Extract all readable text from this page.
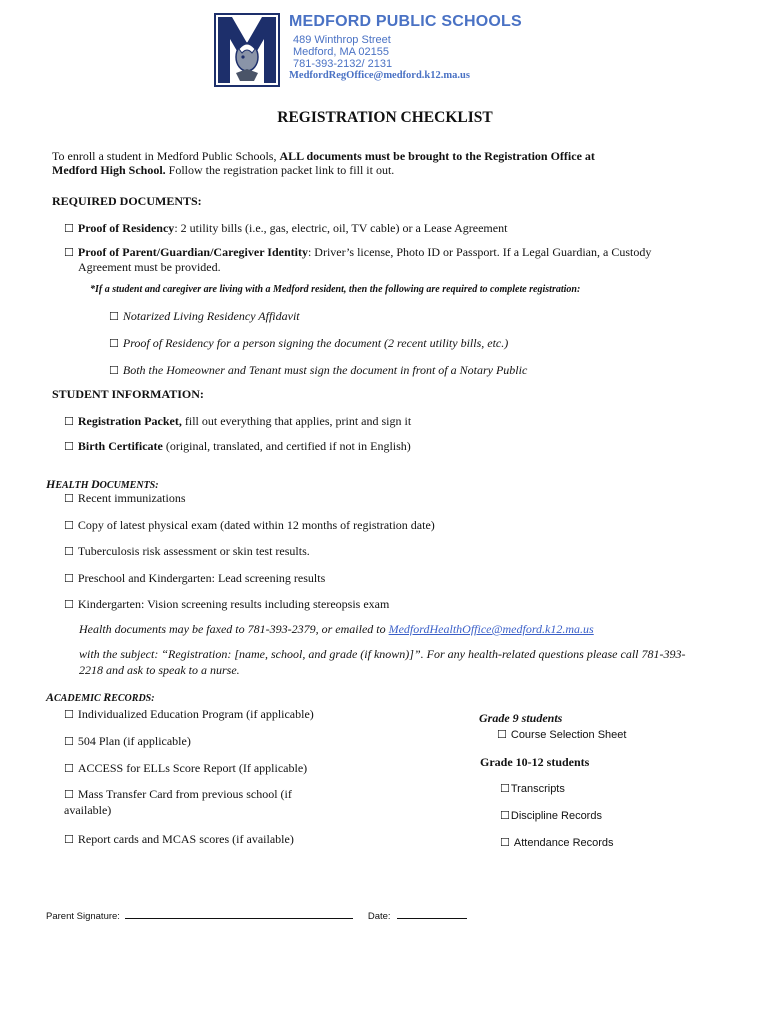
MEDFORD PUBLIC SCHOOLS
489 Winthrop Street
Medford, MA 02155
781-393-2132/ 2131
MedfordRegOffice@medford.k12.ma.us
REGISTRATION CHECKLIST
To enroll a student in Medford Public Schools, ALL documents must be brought to the Registration Office at
Medford High School. Follow the registration packet link to fill it out.
REQUIRED DOCUMENTS:
☐ Proof of Residency: 2 utility bills (i.e., gas, electric, oil, TV cable) or a Lease Agreement
☐ Proof of Parent/Guardian/Caregiver Identity: Driver’s license, Photo ID or Passport. If a Legal Guardian, a Custody
Agreement must be provided.
*If a student and caregiver are living with a Medford resident, then the following are required to complete registration:
☐ Notarized Living Residency Affidavit
☐ Proof of Residency for a person signing the document (2 recent utility bills, etc.)
☐ Both the Homeowner and Tenant must sign the document in front of a Notary Public
STUDENT INFORMATION:
☐ Registration Packet, fill out everything that applies, print and sign it
☐ Birth Certificate (original, translated, and certified if not in English)
HEALTH DOCUMENTS:
☐ Recent immunizations
☐ Copy of latest physical exam (dated within 12 months of registration date)
☐ Tuberculosis risk assessment or skin test results.
☐ Preschool and Kindergarten: Lead screening results
☐ Kindergarten: Vision screening results including stereopsis exam
Health documents may be faxed to 781-393-2379, or emailed to MedfordHealthOffice@medford.k12.ma.us
with the subject: “Registration: [name, school, and grade (if known)]”. For any health-related questions please call 781-393-
2218 and ask to speak to a nurse.
ACADEMIC RECORDS:
☐ Individualized Education Program (if applicable)
☐ 504 Plan (if applicable)
☐ ACCESS for ELLs Score Report (If applicable)
☐ Mass Transfer Card from previous school (if
available)
☐ Report cards and MCAS scores (if available)
Grade 9 students
☐ Course Selection Sheet
Grade 10-12 students
☐Transcripts
☐Discipline Records
☐ Attendance Records
Parent Signature:	Date:
